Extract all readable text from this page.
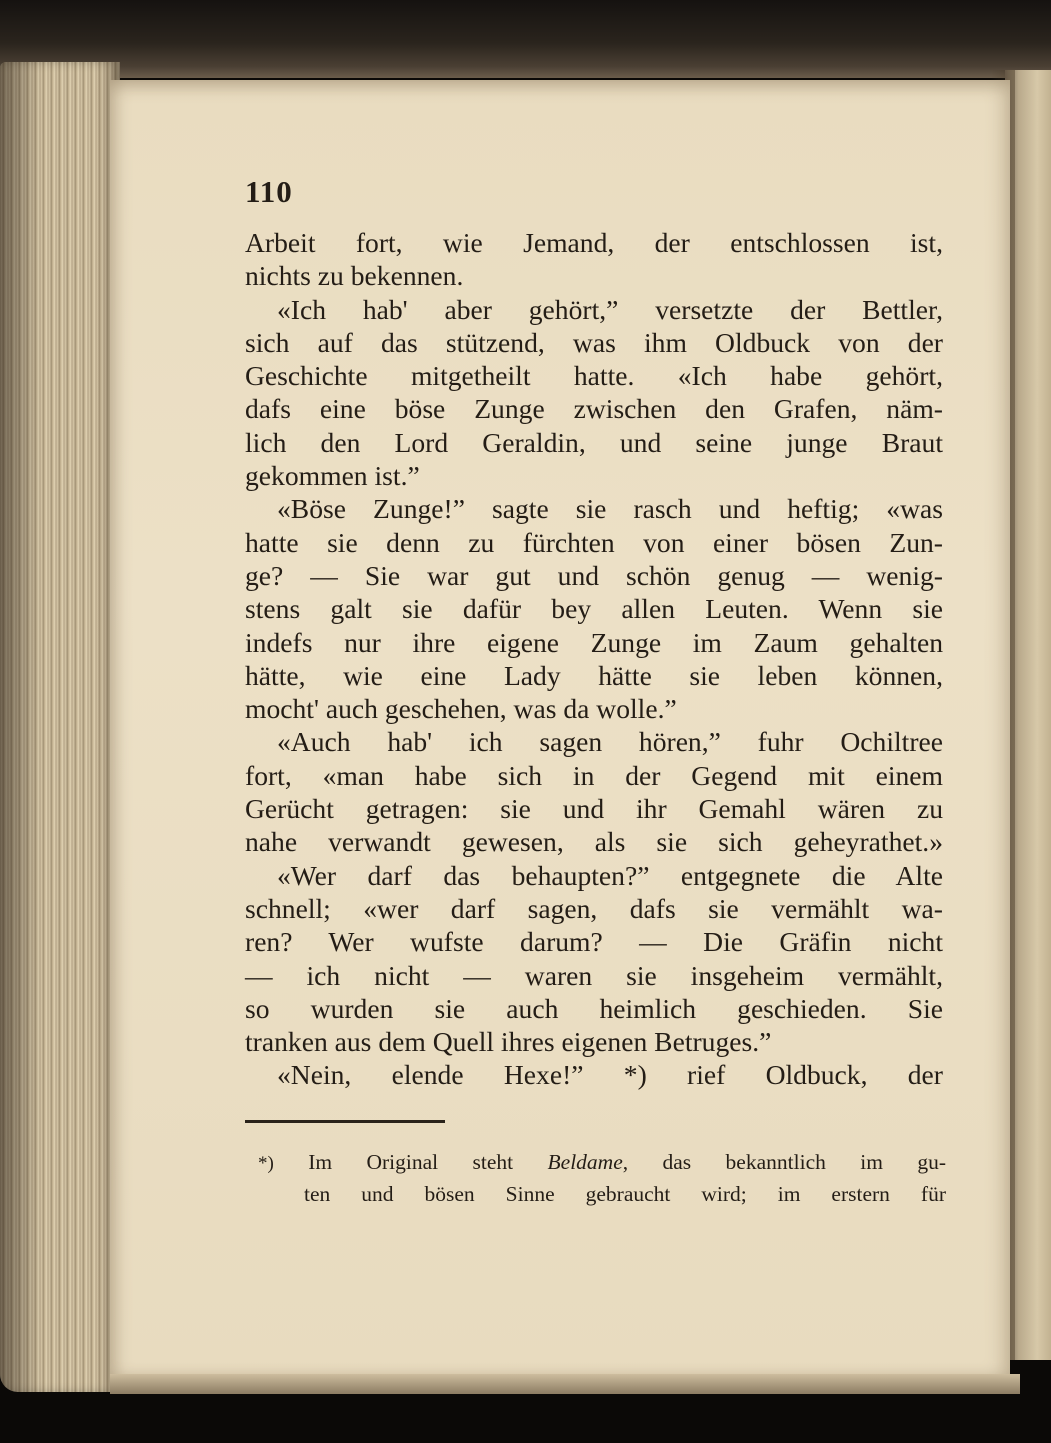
110
Arbeit fort, wie Jemand, der entschlossen ist,
nichts zu bekennen.
«Ich hab' aber gehört,” versetzte der Bettler,
sich auf das stützend, was ihm Oldbuck von der
Geschichte mitgetheilt hatte. «Ich habe gehört,
dafs eine böse Zunge zwischen den Grafen, näm-
lich den Lord Geraldin, und seine junge Braut
gekommen ist.”
«Böse Zunge!” sagte sie rasch und heftig; «was
hatte sie denn zu fürchten von einer bösen Zun-
ge? — Sie war gut und schön genug — wenig-
stens galt sie dafür bey allen Leuten. Wenn sie
indefs nur ihre eigene Zunge im Zaum gehalten
hätte, wie eine Lady hätte sie leben können,
mocht' auch geschehen, was da wolle.”
«Auch hab' ich sagen hören,” fuhr Ochiltree
fort, «man habe sich in der Gegend mit einem
Gerücht getragen: sie und ihr Gemahl wären zu
nahe verwandt gewesen, als sie sich geheyrathet.»
«Wer darf das behaupten?” entgegnete die Alte
schnell; «wer darf sagen, dafs sie vermählt wa-
ren? Wer wufste darum? — Die Gräfin nicht
— ich nicht — waren sie insgeheim vermählt,
so wurden sie auch heimlich geschieden. Sie
tranken aus dem Quell ihres eigenen Betruges.”
«Nein, elende Hexe!” *) rief Oldbuck, der
*) Im Original steht Beldame, das bekanntlich im gu-
ten und bösen Sinne gebraucht wird; im erstern für
